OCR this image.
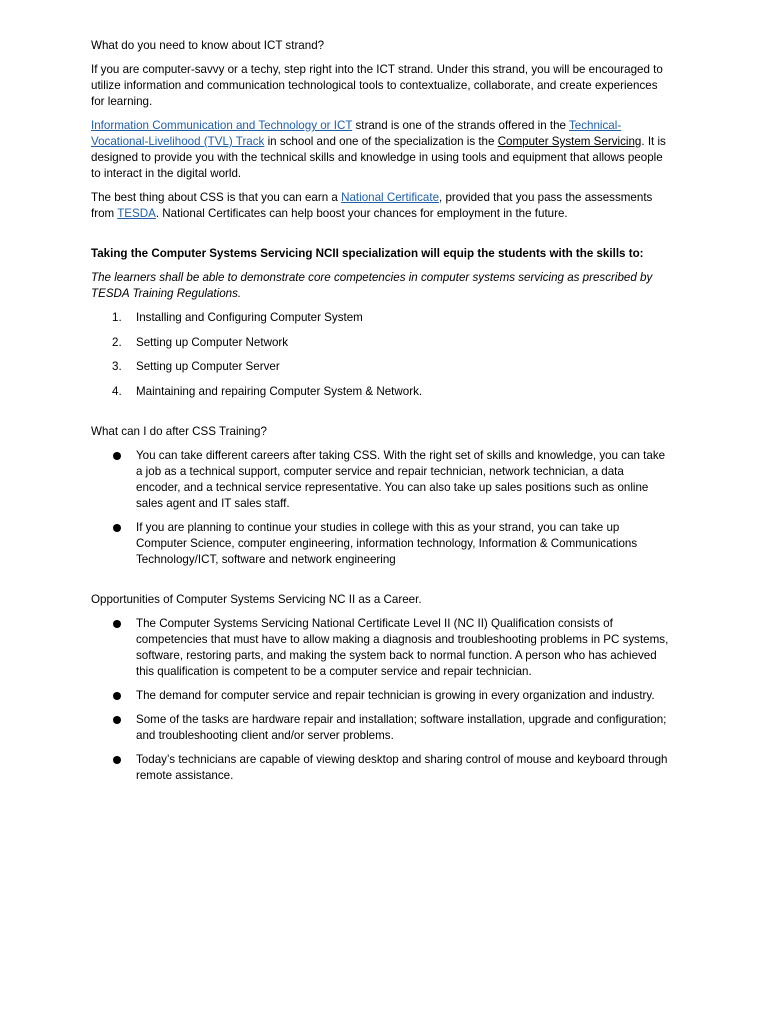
What do you need to know about ICT strand?

If you are computer-savvy or a techy, step right into the ICT strand. Under this strand, you will be encouraged to utilize information and communication technological tools to contextualize, collaborate, and create experiences for learning.

Information Communication and Technology or ICT strand is one of the strands offered in the Technical-Vocational-Livelihood (TVL) Track in school and one of the specialization is the Computer System Servicing. It is designed to provide you with the technical skills and knowledge in using tools and equipment that allows people to interact in the digital world.

The best thing about CSS is that you can earn a National Certificate, provided that you pass the assessments from TESDA. National Certificates can help boost your chances for employment in the future.

Taking the Computer Systems Servicing NCII specialization will equip the students with the skills to:

The learners shall be able to demonstrate core competencies in computer systems servicing as prescribed by TESDA Training Regulations.

1. Installing and Configuring Computer System
2. Setting up Computer Network
3. Setting up Computer Server
4. Maintaining and repairing Computer System & Network.

What can I do after CSS Training?

You can take different careers after taking CSS. With the right set of skills and knowledge, you can take a job as a technical support, computer service and repair technician, network technician, a data encoder, and a technical service representative. You can also take up sales positions such as online sales agent and IT sales staff.
If you are planning to continue your studies in college with this as your strand, you can take up Computer Science, computer engineering, information technology, Information & Communications Technology/ICT, software and network engineering

Opportunities of Computer Systems Servicing NC II as a Career.

The Computer Systems Servicing National Certificate Level II (NC II) Qualification consists of competencies that must have to allow making a diagnosis and troubleshooting problems in PC systems, software, restoring parts, and making the system back to normal function. A person who has achieved this qualification is competent to be a computer service and repair technician.
The demand for computer service and repair technician is growing in every organization and industry.
Some of the tasks are hardware repair and installation; software installation, upgrade and configuration; and troubleshooting client and/or server problems.
Today’s technicians are capable of viewing desktop and sharing control of mouse and keyboard through remote assistance.
